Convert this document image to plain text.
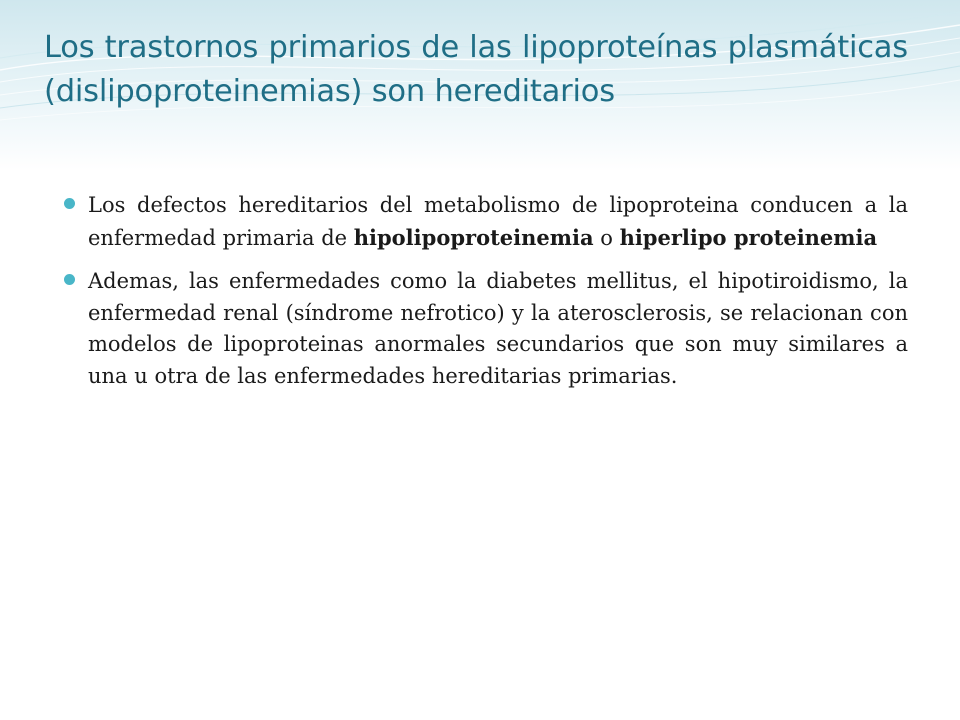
Los trastornos primarios de las lipoproteínas plasmáticas (dislipoproteinemias) son hereditarios
Los defectos hereditarios del metabolismo de lipoproteina conducen a la enfermedad primaria de hipolipoproteinemia o hiperlipo proteinemia
Ademas, las enfermedades como la diabetes mellitus, el hipotiroidismo, la enfermedad renal (síndrome nefrotico) y la aterosclerosis, se relacionan con modelos de lipoproteinas anormales secundarios que son muy similares a una u otra de las enfermedades hereditarias primarias.
